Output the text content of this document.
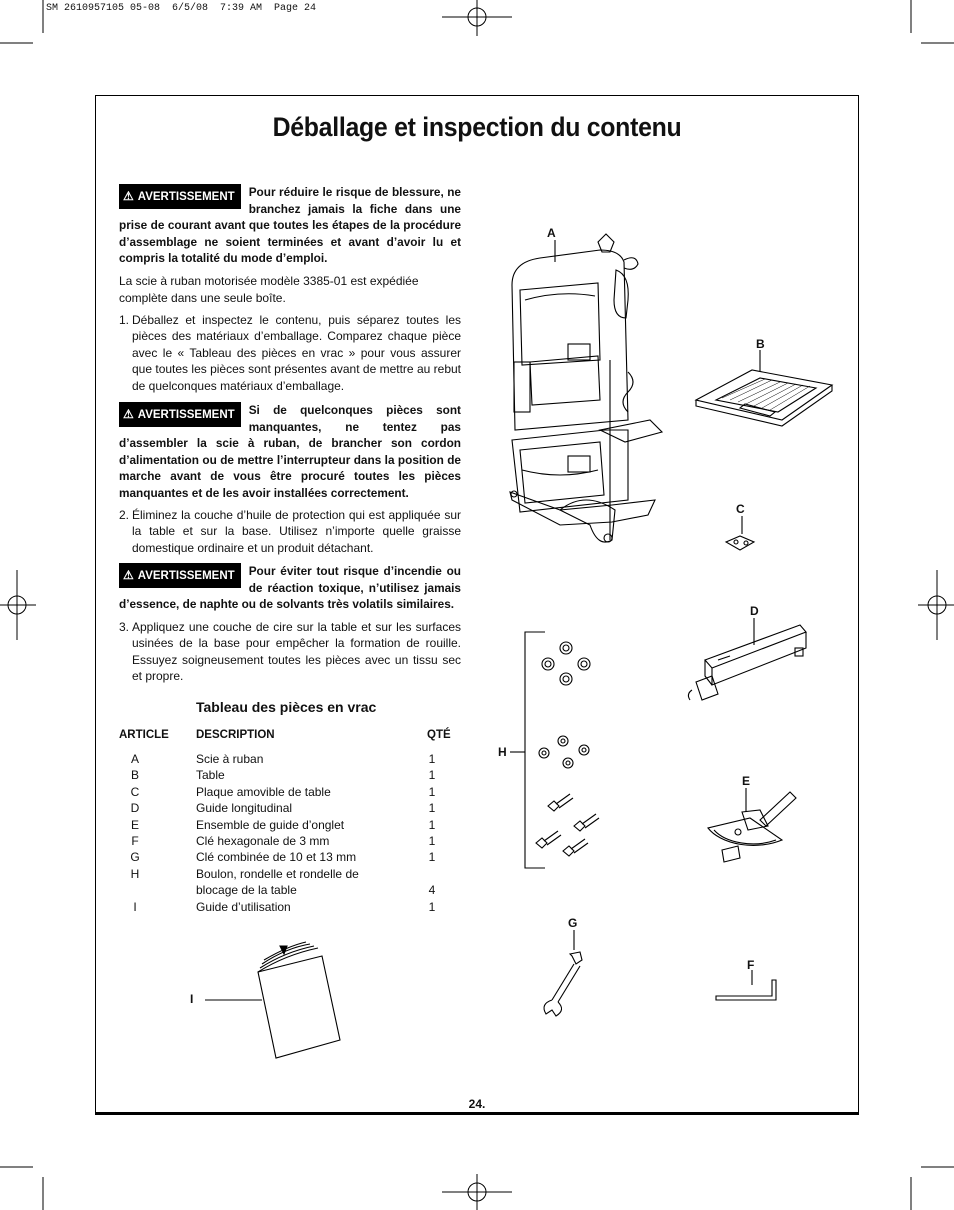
SM 2610957105 05-08  6/5/08  7:39 AM  Page 24
Déballage et inspection du contenu
⚠ AVERTISSEMENT	Pour réduire le risque de blessure, ne branchez jamais la fiche dans une prise de courant avant que toutes les étapes de la procédure d’assemblage ne soient terminées et avant d’avoir lu et compris la totalité du mode d’emploi.

La scie à ruban motorisée modèle 3385-01 est expédiée complète dans une seule boîte.

1. Déballez et inspectez le contenu, puis séparez toutes les pièces des matériaux d’emballage. Comparez chaque pièce avec le « Tableau des pièces en vrac » pour vous assurer que toutes les pièces sont présentes avant de mettre au rebut de quelconques matériaux d’emballage.
⚠ AVERTISSEMENT	Si de quelconques pièces sont manquantes, ne tentez pas d’assembler la scie à ruban, de brancher son cordon d’alimentation ou de mettre l’interrupteur dans la position de marche avant de vous être procuré toutes les pièces manquantes et de les avoir installées correctement.
2. Éliminez la couche d’huile de protection qui est appliquée sur la table et sur la base. Utilisez n’importe quelle graisse domestique ordinaire et un produit détachant.
⚠ AVERTISSEMENT	Pour éviter tout risque d’incendie ou de réaction toxique, n’utilisez jamais d’essence, de naphte ou de solvants très volatils similaires.
3. Appliquez une couche de cire sur la table et sur les surfaces usinées de la base pour empêcher la formation de rouille. Essuyez soigneusement toutes les pièces avec un tissu sec et propre.
Tableau des pièces en vrac
ARTICLE DESCRIPTION	QTÉ
A	Scie à ruban	1
B	Table	1
C	Plaque amovible de table	1
D	Guide longitudinal	1
E	Ensemble de guide d’onglet	1
F	Clé hexagonale de 3 mm	1
G	Clé combinée de 10 et 13 mm	1
H	Boulon, rondelle et rondelle de
blocage de la table	4
I	Guide d’utilisation	1
24.
A
B
C
D
E
F
G
H
I
